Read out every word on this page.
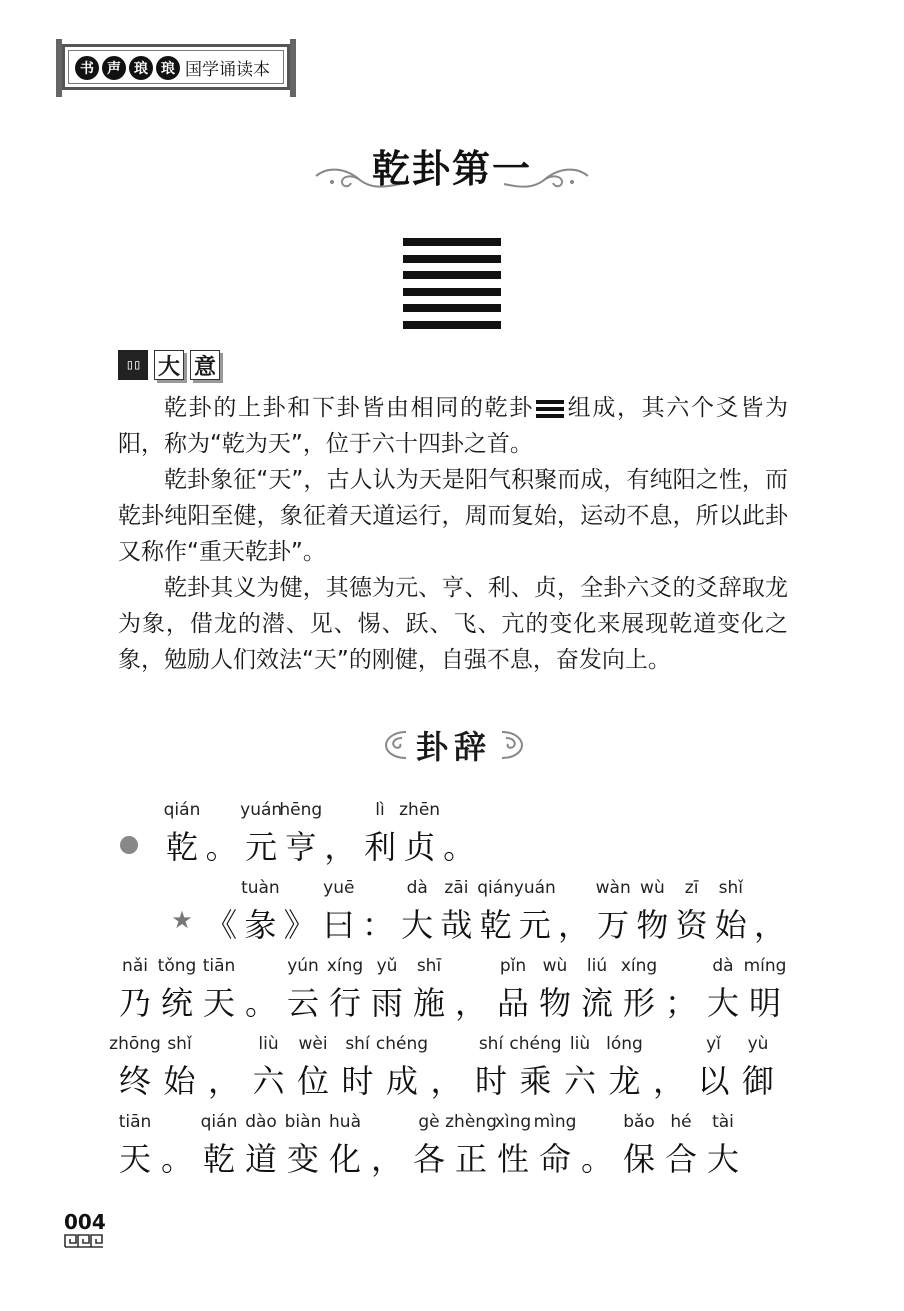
书 声 琅 琅 国学诵读本
乾卦第一
▯▯ 大 意

乾卦的上卦和下卦皆由相同的乾卦 组成，其六个爻皆为阳，称为“乾为天”，位于六十四卦之首。

乾卦象征“天”，古人认为天是阳气积聚而成，有纯阳之性，而乾卦纯阳至健，象征着天道运行，周而复始，运动不息，所以此卦又称作“重天乾卦”。

乾卦其义为健，其德为元、亨、利、贞，全卦六爻的爻辞取龙为象，借龙的潜、见、惕、跃、飞、亢的变化来展现乾道变化之象，勉励人们效法“天”的刚健，自强不息，奋发向上。

卦辞
qián
乾 。
yuán
元
hēng
亨 ，
lì
利
zhēn
贞 。
★ 《
tuàn
彖 》
yuē
曰 ：
dà
大
zāi
哉
qián
乾
yuán
元 ，
wàn
万
wù
物
zī
资
shǐ
始 ，
nǎi
乃
tǒng
统
tiān
天 。
yún
云
xíng
行
yǔ
雨
shī
施 ，
pǐn
品
wù
物
liú
流
xíng
形 ；
dà
大
míng
明
zhōng
终
shǐ
始 ，
liù
六
wèi
位
shí
时
chéng
成 ，
shí
时
chéng
乘
liù
六
lóng
龙 ，
yǐ
以
yù
御
tiān
天 。
qián
乾
dào
道
biàn
变
huà
化 ，
gè
各
zhèng
正
xìng
性
mìng
命 。
bǎo
保
hé
合
tài
大
004
